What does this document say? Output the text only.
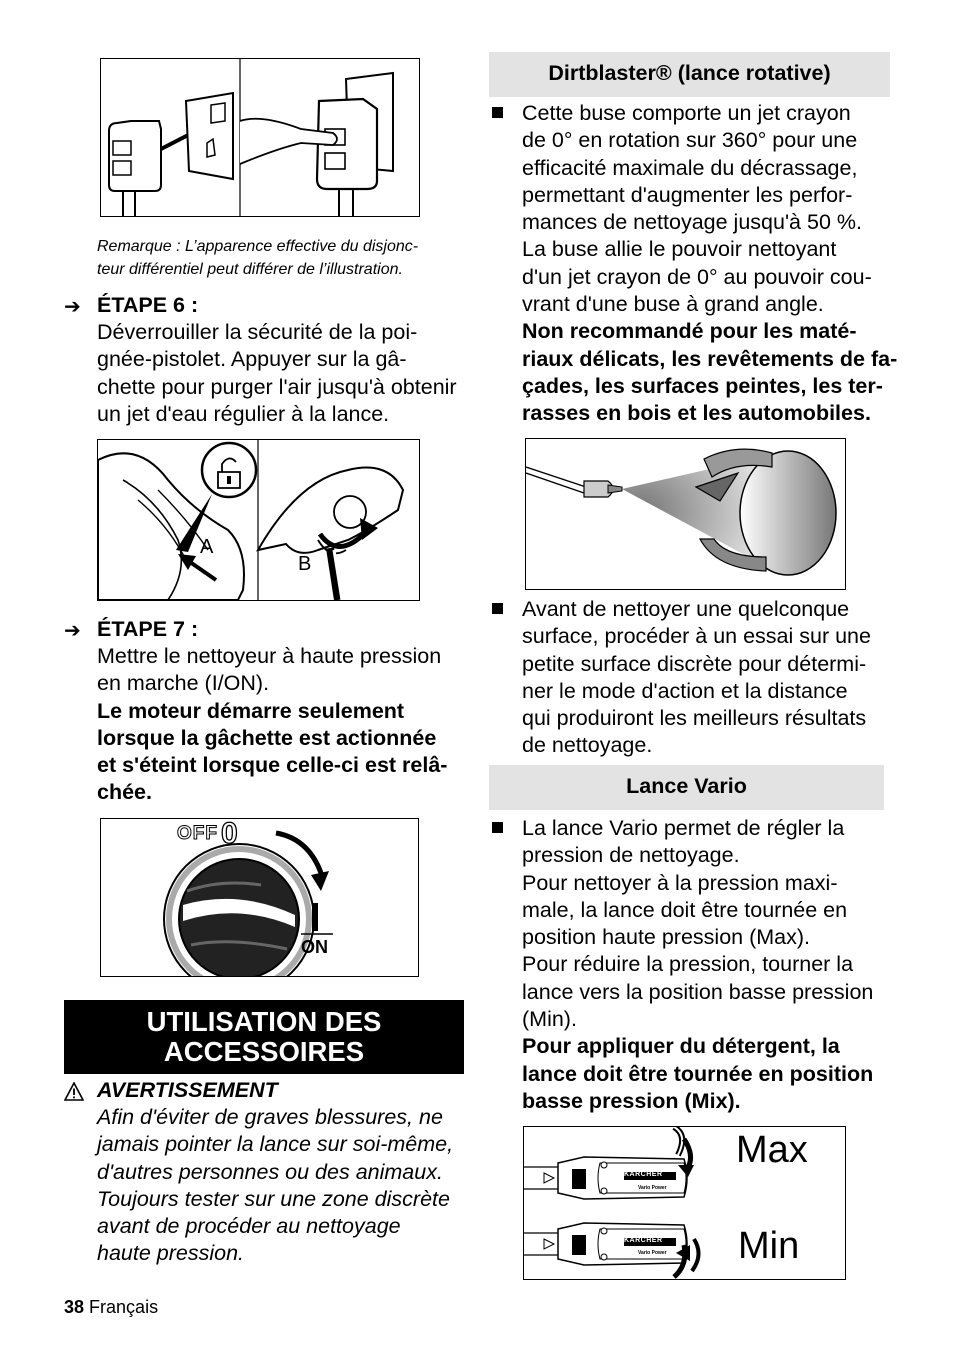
Remarque : L’apparence effective du disjonc-
teur différentiel peut différer de l’illustration.
➔ ÉTAPE 6 :
Déverrouiller la sécurité de la poi-
gnée-pistolet. Appuyer sur la gâ-
chette pour purger l'air jusqu'à obtenir
un jet d'eau régulier à la lance.
A
B
➔ ÉTAPE 7 :
Mettre le nettoyeur à haute pression
en marche (I/ON).
Le moteur démarre seulement
lorsque la gâchette est actionnée
et s'éteint lorsque celle-ci est relâ-
chée.
OFF 0
ON
UTILISATION DES
ACCESSOIRES
AVERTISSEMENT
Afin d'éviter de graves blessures, ne
jamais pointer la lance sur soi-même,
d'autres personnes ou des animaux.
Toujours tester sur une zone discrète
avant de procéder au nettoyage
haute pression.
38 Français
Dirtblaster® (lance rotative)
Cette buse comporte un jet crayon
de 0° en rotation sur 360° pour une
efficacité maximale du décrassage,
permettant d'augmenter les perfor-
mances de nettoyage jusqu'à 50 %.
La buse allie le pouvoir nettoyant
d'un jet crayon de 0° au pouvoir cou-
vrant d'une buse à grand angle.
Non recommandé pour les maté-
riaux délicats, les revêtements de fa-
çades, les surfaces peintes, les ter-
rasses en bois et les automobiles.
Avant de nettoyer une quelconque
surface, procéder à un essai sur une
petite surface discrète pour détermi-
ner le mode d'action et la distance
qui produiront les meilleurs résultats
de nettoyage.
Lance Vario
La lance Vario permet de régler la
pression de nettoyage.
Pour nettoyer à la pression maxi-
male, la lance doit être tournée en
position haute pression (Max).
Pour réduire la pression, tourner la
lance vers la position basse pression
(Min).
Pour appliquer du détergent, la
lance doit être tournée en position
basse pression (Mix).
Max
Min
KÄRCHER
Vario Power
KÄRCHER
Vario Power
